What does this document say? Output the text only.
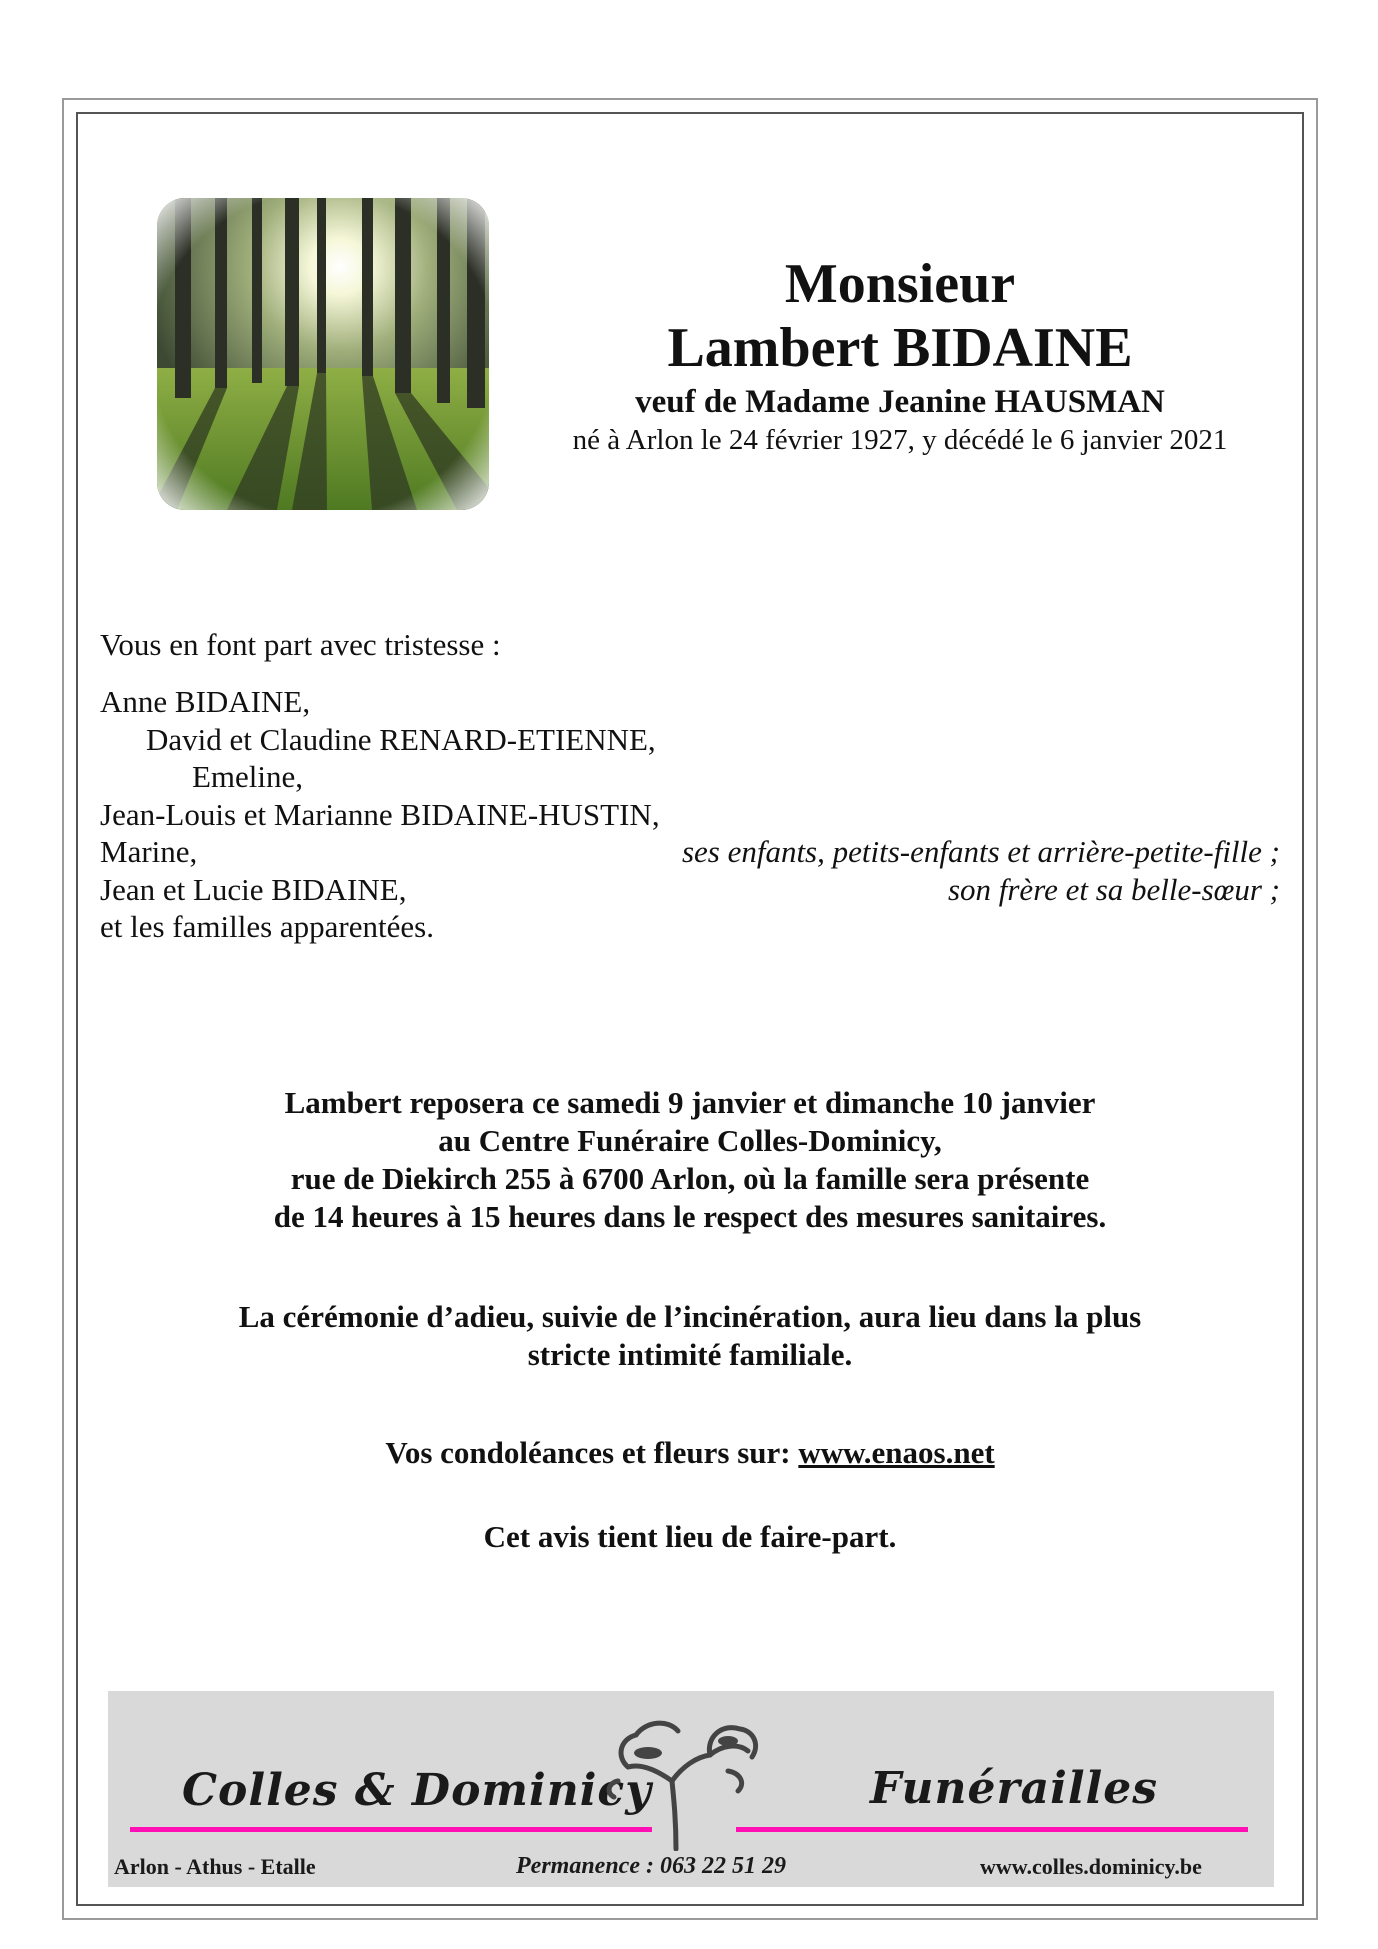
Monsieur
Lambert BIDAINE
veuf de Madame Jeanine HAUSMAN
né à Arlon le 24 février 1927, y décédé le 6 janvier 2021
Vous en font part avec tristesse :
Anne BIDAINE,
David et Claudine RENARD-ETIENNE,
Emeline,
Jean-Louis et Marianne BIDAINE-HUSTIN,
Marine,	ses enfants, petits-enfants et arrière-petite-fille ;
Jean et Lucie BIDAINE,	son frère et sa belle-sœur ;
et les familles apparentées.
Lambert reposera ce samedi 9 janvier et dimanche 10 janvier
au Centre Funéraire Colles-Dominicy,
rue de Diekirch 255 à 6700 Arlon, où la famille sera présente
de 14 heures à 15 heures dans le respect des mesures sanitaires.
La cérémonie d’adieu, suivie de l’incinération, aura lieu dans la plus
stricte intimité familiale.
Vos condoléances et fleurs sur: www.enaos.net
Cet avis tient lieu de faire-part.
Colles & Dominicy	Funérailles
Arlon - Athus - Etalle	Permanence : 063 22 51 29	www.colles.dominicy.be
